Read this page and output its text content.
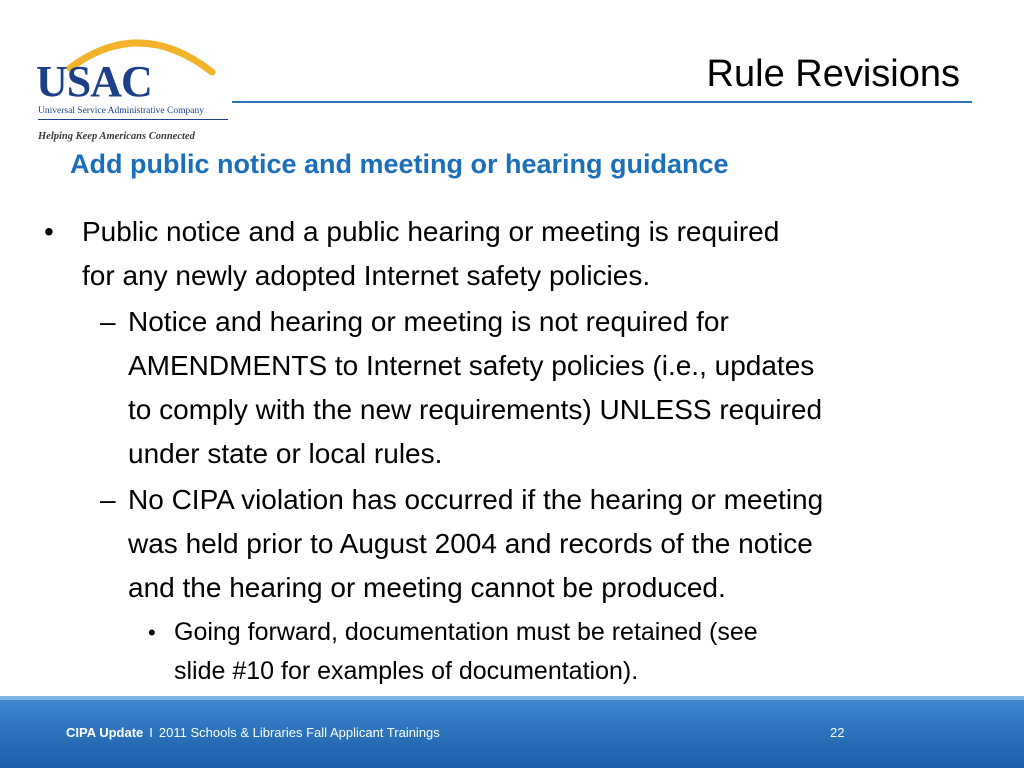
USAC
Universal Service Administrative Company
Helping Keep Americans Connected
Rule Revisions
Add public notice and meeting or hearing guidance
• Public notice and a public hearing or meeting is required
for any newly adopted Internet safety policies.
– Notice and hearing or meeting is not required for
AMENDMENTS to Internet safety policies (i.e., updates
to comply with the new requirements) UNLESS required
under state or local rules.
– No CIPA violation has occurred if the hearing or meeting
was held prior to August 2004 and records of the notice
and the hearing or meeting cannot be produced.
• Going forward, documentation must be retained (see
slide #10 for examples of documentation).
CIPA Update I 2011 Schools & Libraries Fall Applicant Trainings	22
